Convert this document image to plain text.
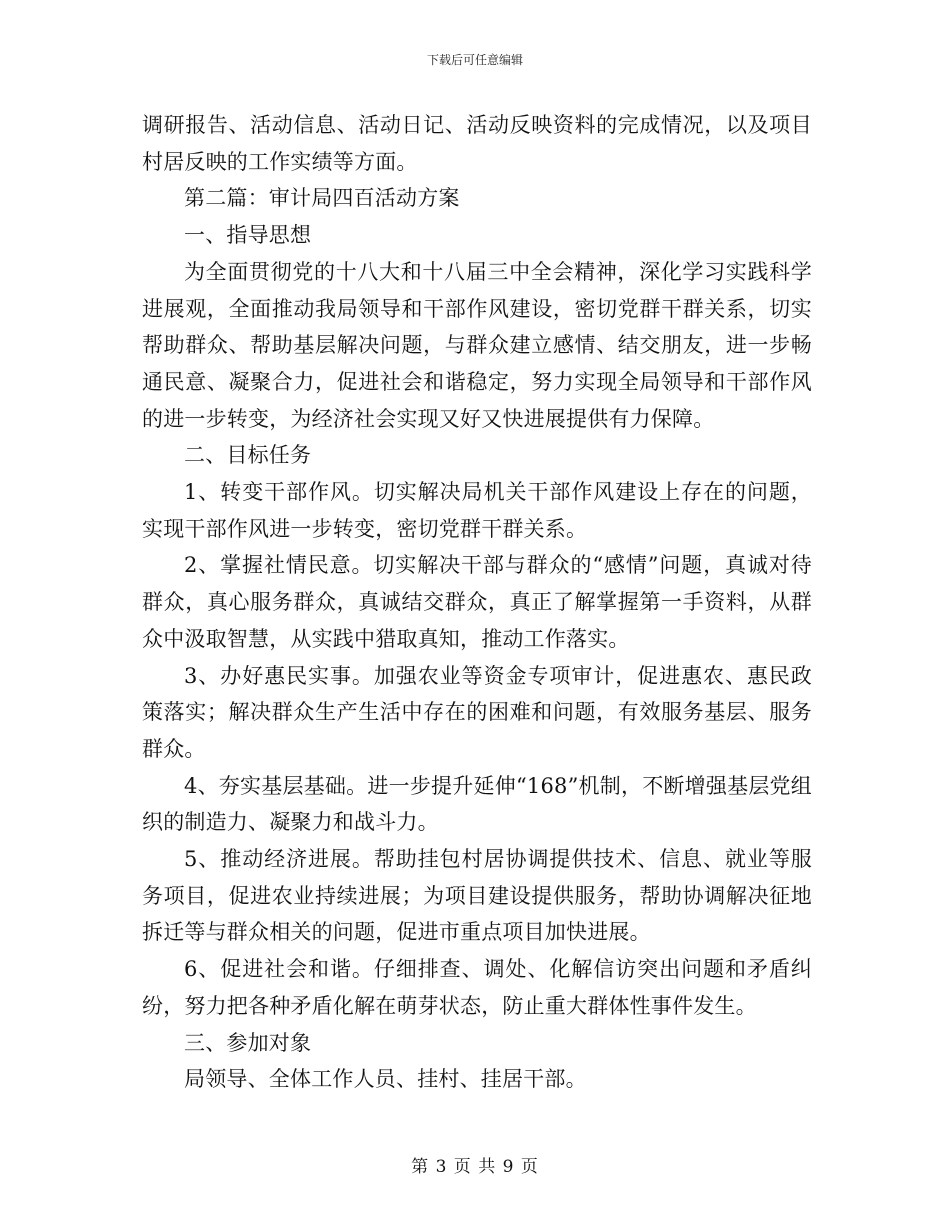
下载后可任意编辑

调研报告、活动信息、活动日记、活动反映资料的完成情况，以及项目村居反映的工作实绩等方面。

第二篇：审计局四百活动方案

一、指导思想

为全面贯彻党的十八大和十八届三中全会精神，深化学习实践科学进展观，全面推动我局领导和干部作风建设，密切党群干群关系，切实帮助群众、帮助基层解决问题，与群众建立感情、结交朋友，进一步畅通民意、凝聚合力，促进社会和谐稳定，努力实现全局领导和干部作风的进一步转变，为经济社会实现又好又快进展提供有力保障。

二、目标任务

1、转变干部作风。切实解决局机关干部作风建设上存在的问题，实现干部作风进一步转变，密切党群干群关系。

2、掌握社情民意。切实解决干部与群众的“感情”问题，真诚对待群众，真心服务群众，真诚结交群众，真正了解掌握第一手资料，从群众中汲取智慧，从实践中猎取真知，推动工作落实。

3、办好惠民实事。加强农业等资金专项审计，促进惠农、惠民政策落实；解决群众生产生活中存在的困难和问题，有效服务基层、服务群众。

4、夯实基层基础。进一步提升延伸“168”机制，不断增强基层党组织的制造力、凝聚力和战斗力。

5、推动经济进展。帮助挂包村居协调提供技术、信息、就业等服务项目，促进农业持续进展；为项目建设提供服务，帮助协调解决征地拆迁等与群众相关的问题，促进市重点项目加快进展。

6、促进社会和谐。仔细排查、调处、化解信访突出问题和矛盾纠纷，努力把各种矛盾化解在萌芽状态，防止重大群体性事件发生。

三、参加对象

局领导、全体工作人员、挂村、挂居干部。

第 3 页 共 9 页
